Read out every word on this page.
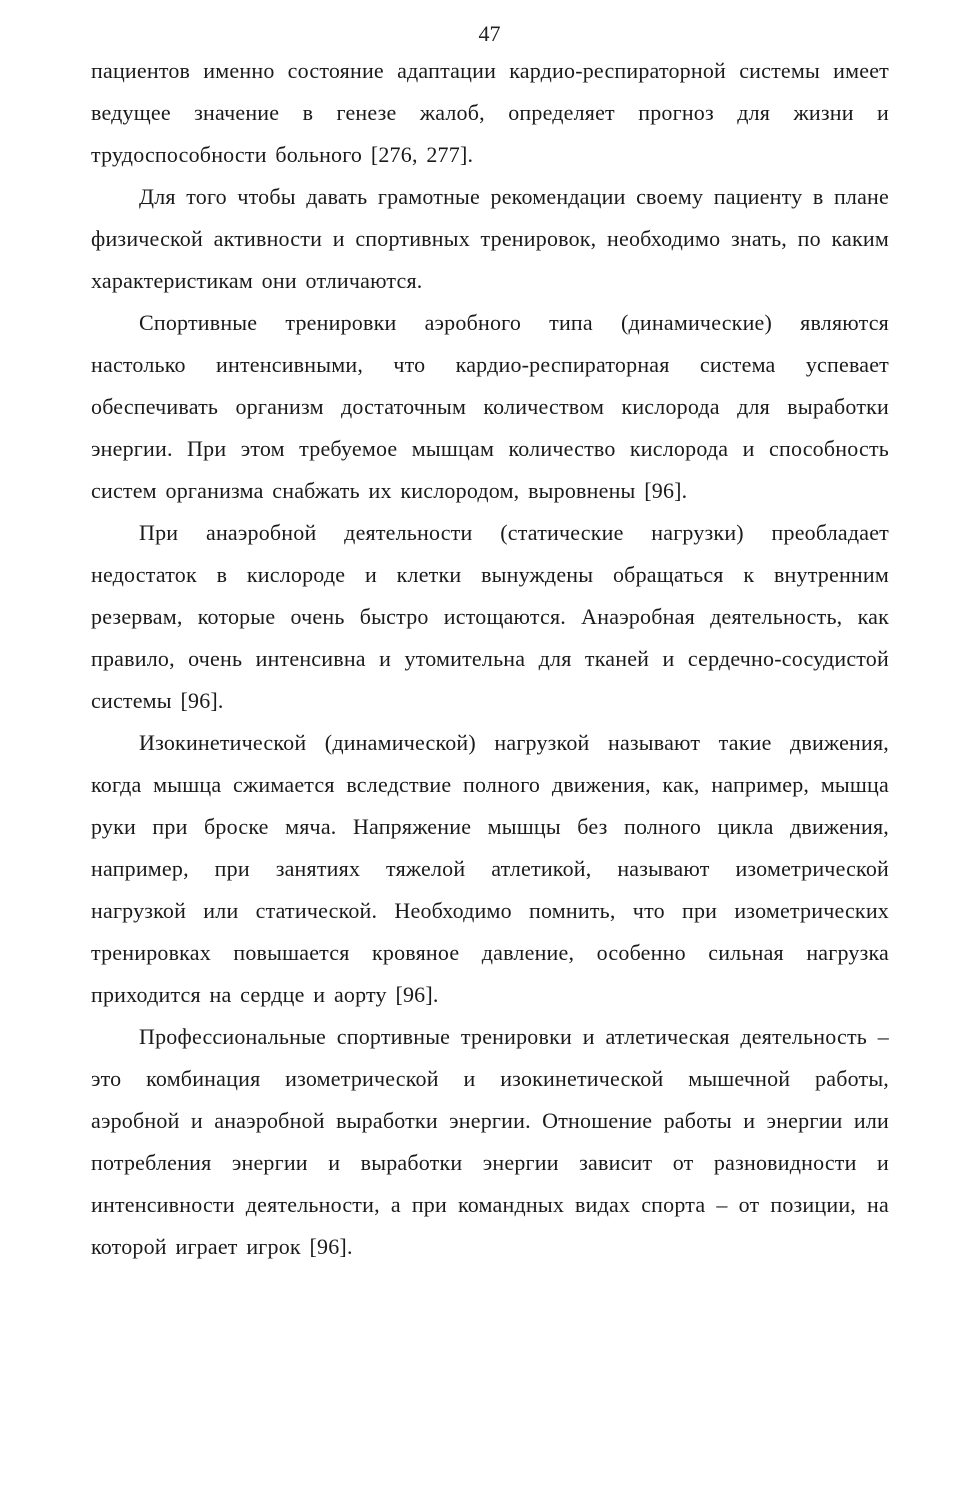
47

пациентов именно состояние адаптации кардио-респираторной системы имеет ведущее значение в генезе жалоб, определяет прогноз для жизни и трудоспособности больного [276, 277].

Для того чтобы давать грамотные рекомендации своему пациенту в плане физической активности и спортивных тренировок, необходимо знать, по каким характеристикам они отличаются.

Спортивные тренировки аэробного типа (динамические) являются настолько интенсивными, что кардио-респираторная система успевает обеспечивать организм достаточным количеством кислорода для выработки энергии. При этом требуемое мышцам количество кислорода и способность систем организма снабжать их кислородом, выровнены [96].

При анаэробной деятельности (статические нагрузки) преобладает недостаток в кислороде и клетки вынуждены обращаться к внутренним резервам, которые очень быстро истощаются. Анаэробная деятельность, как правило, очень интенсивна и утомительна для тканей и сердечно-сосудистой системы [96].

Изокинетической (динамической) нагрузкой называют такие движения, когда мышца сжимается вследствие полного движения, как, например, мышца руки при броске мяча. Напряжение мышцы без полного цикла движения, например, при занятиях тяжелой атлетикой, называют изометрической нагрузкой или статической. Необходимо помнить, что при изометрических тренировках повышается кровяное давление, особенно сильная нагрузка приходится на сердце и аорту [96].

Профессиональные спортивные тренировки и атлетическая деятельность – это комбинация изометрической и изокинетической мышечной работы, аэробной и анаэробной выработки энергии. Отношение работы и энергии или потребления энергии и выработки энергии зависит от разновидности и интенсивности деятельности, а при командных видах спорта – от позиции, на которой играет игрок [96].
